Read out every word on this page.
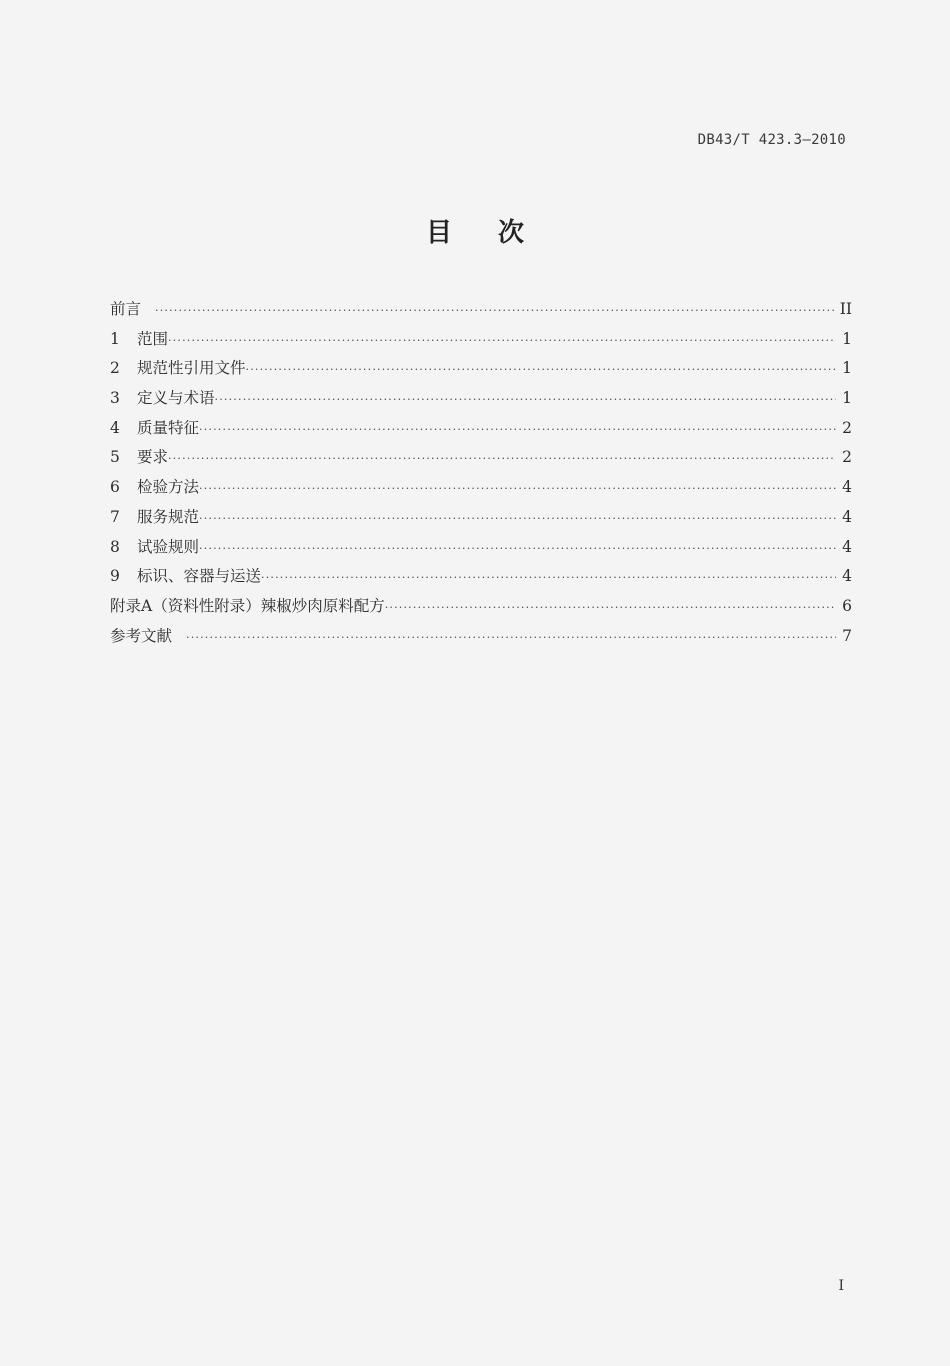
DB43/T 423.3—2010
目次
前言 ·····	II
1	范围 ·····	1
2	规范性引用文件 ·····	1
3	定义与术语 ·····	1
4	质量特征 ·····	2
5	要求 ·····	2
6	检验方法 ·····	4
7	服务规范 ·····	4
8	试验规则 ·····	4
9	标识、容器与运送 ·····	4
附录A（资料性附录）辣椒炒肉原料配方 ·····	6
参考文献 ·····	7
I
